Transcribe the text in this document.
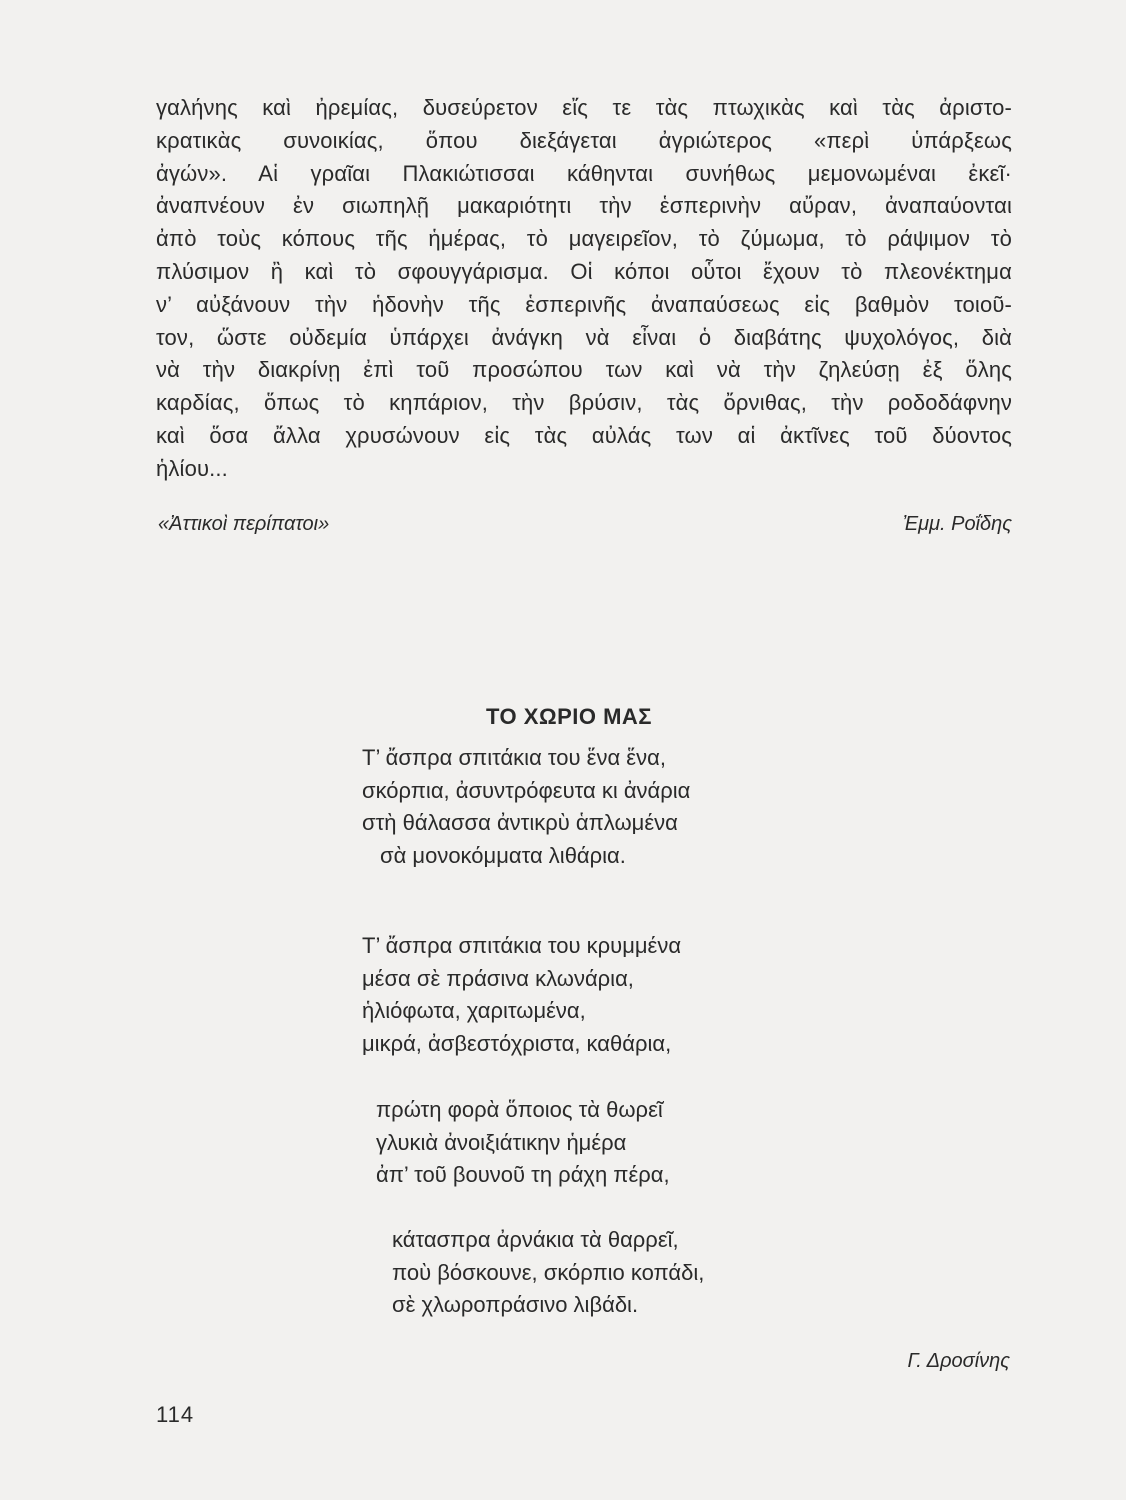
γαλήνης καὶ ἠρεμίας, δυσεύρετον εἴς τε τὰς πτωχικὰς καὶ τὰς ἀριστο-
κρατικὰς συνοικίας, ὅπου διεξάγεται ἀγριώτερος «περὶ ὑπάρξεως
ἀγών». Αἱ γραῖαι Πλακιώτισσαι κάθηνται συνήθως μεμονωμέναι ἐκεῖ·
ἀναπνέουν ἐν σιωπηλῇ μακαριότητι τὴν ἑσπερινὴν αὔραν, ἀναπαύονται
ἀπὸ τοὺς κόπους τῆς ἡμέρας, τὸ μαγειρεῖον, τὸ ζύμωμα, τὸ ράψιμον τὸ
πλύσιμον ἢ καὶ τὸ σφουγγάρισμα. Οἱ κόποι οὗτοι ἔχουν τὸ πλεονέκτημα
ν’ αὐξάνουν τὴν ἡδονὴν τῆς ἑσπερινῆς ἀναπαύσεως εἰς βαθμὸν τοιοῦ-
τον, ὥστε οὐδεμία ὑπάρχει ἀνάγκη νὰ εἶναι ὁ διαβάτης ψυχολόγος, διὰ
νὰ τὴν διακρίνῃ ἐπὶ τοῦ προσώπου των καὶ νὰ τὴν ζηλεύσῃ ἐξ ὅλης
καρδίας, ὅπως τὸ κηπάριον, τὴν βρύσιν, τὰς ὄρνιθας, τὴν ροδοδάφνην
καὶ ὅσα ἄλλα χρυσώνουν εἰς τὰς αὐλάς των αἱ ἀκτῖνες τοῦ δύοντος
ἡλίου...
«Ἀττικοὶ περίπατοι»	Ἐμμ. Ροΐδης
ΤΟ ΧΩΡΙΟ ΜΑΣ
Τ’ ἄσπρα σπιτάκια του ἕνα ἕνα,
σκόρπια, ἀσυντρόφευτα κι ἀνάρια
στὴ θάλασσα ἀντικρὺ ἁπλωμένα
σὰ μονοκόμματα λιθάρια.
Τ’ ἄσπρα σπιτάκια του κρυμμένα
μέσα σὲ πράσινα κλωνάρια,
ἡλιόφωτα, χαριτωμένα,
μικρά, ἀσβεστόχριστα, καθάρια,
πρώτη φορὰ ὅποιος τὰ θωρεῖ
γλυκιὰ ἀνοιξιάτικην ἡμέρα
ἀπ’ τοῦ βουνοῦ τη ράχη πέρα,
κάτασπρα ἀρνάκια τὰ θαρρεῖ,
ποὺ βόσκουνε, σκόρπιο κοπάδι,
σὲ χλωροπράσινο λιβάδι.
Γ. Δροσίνης
114
